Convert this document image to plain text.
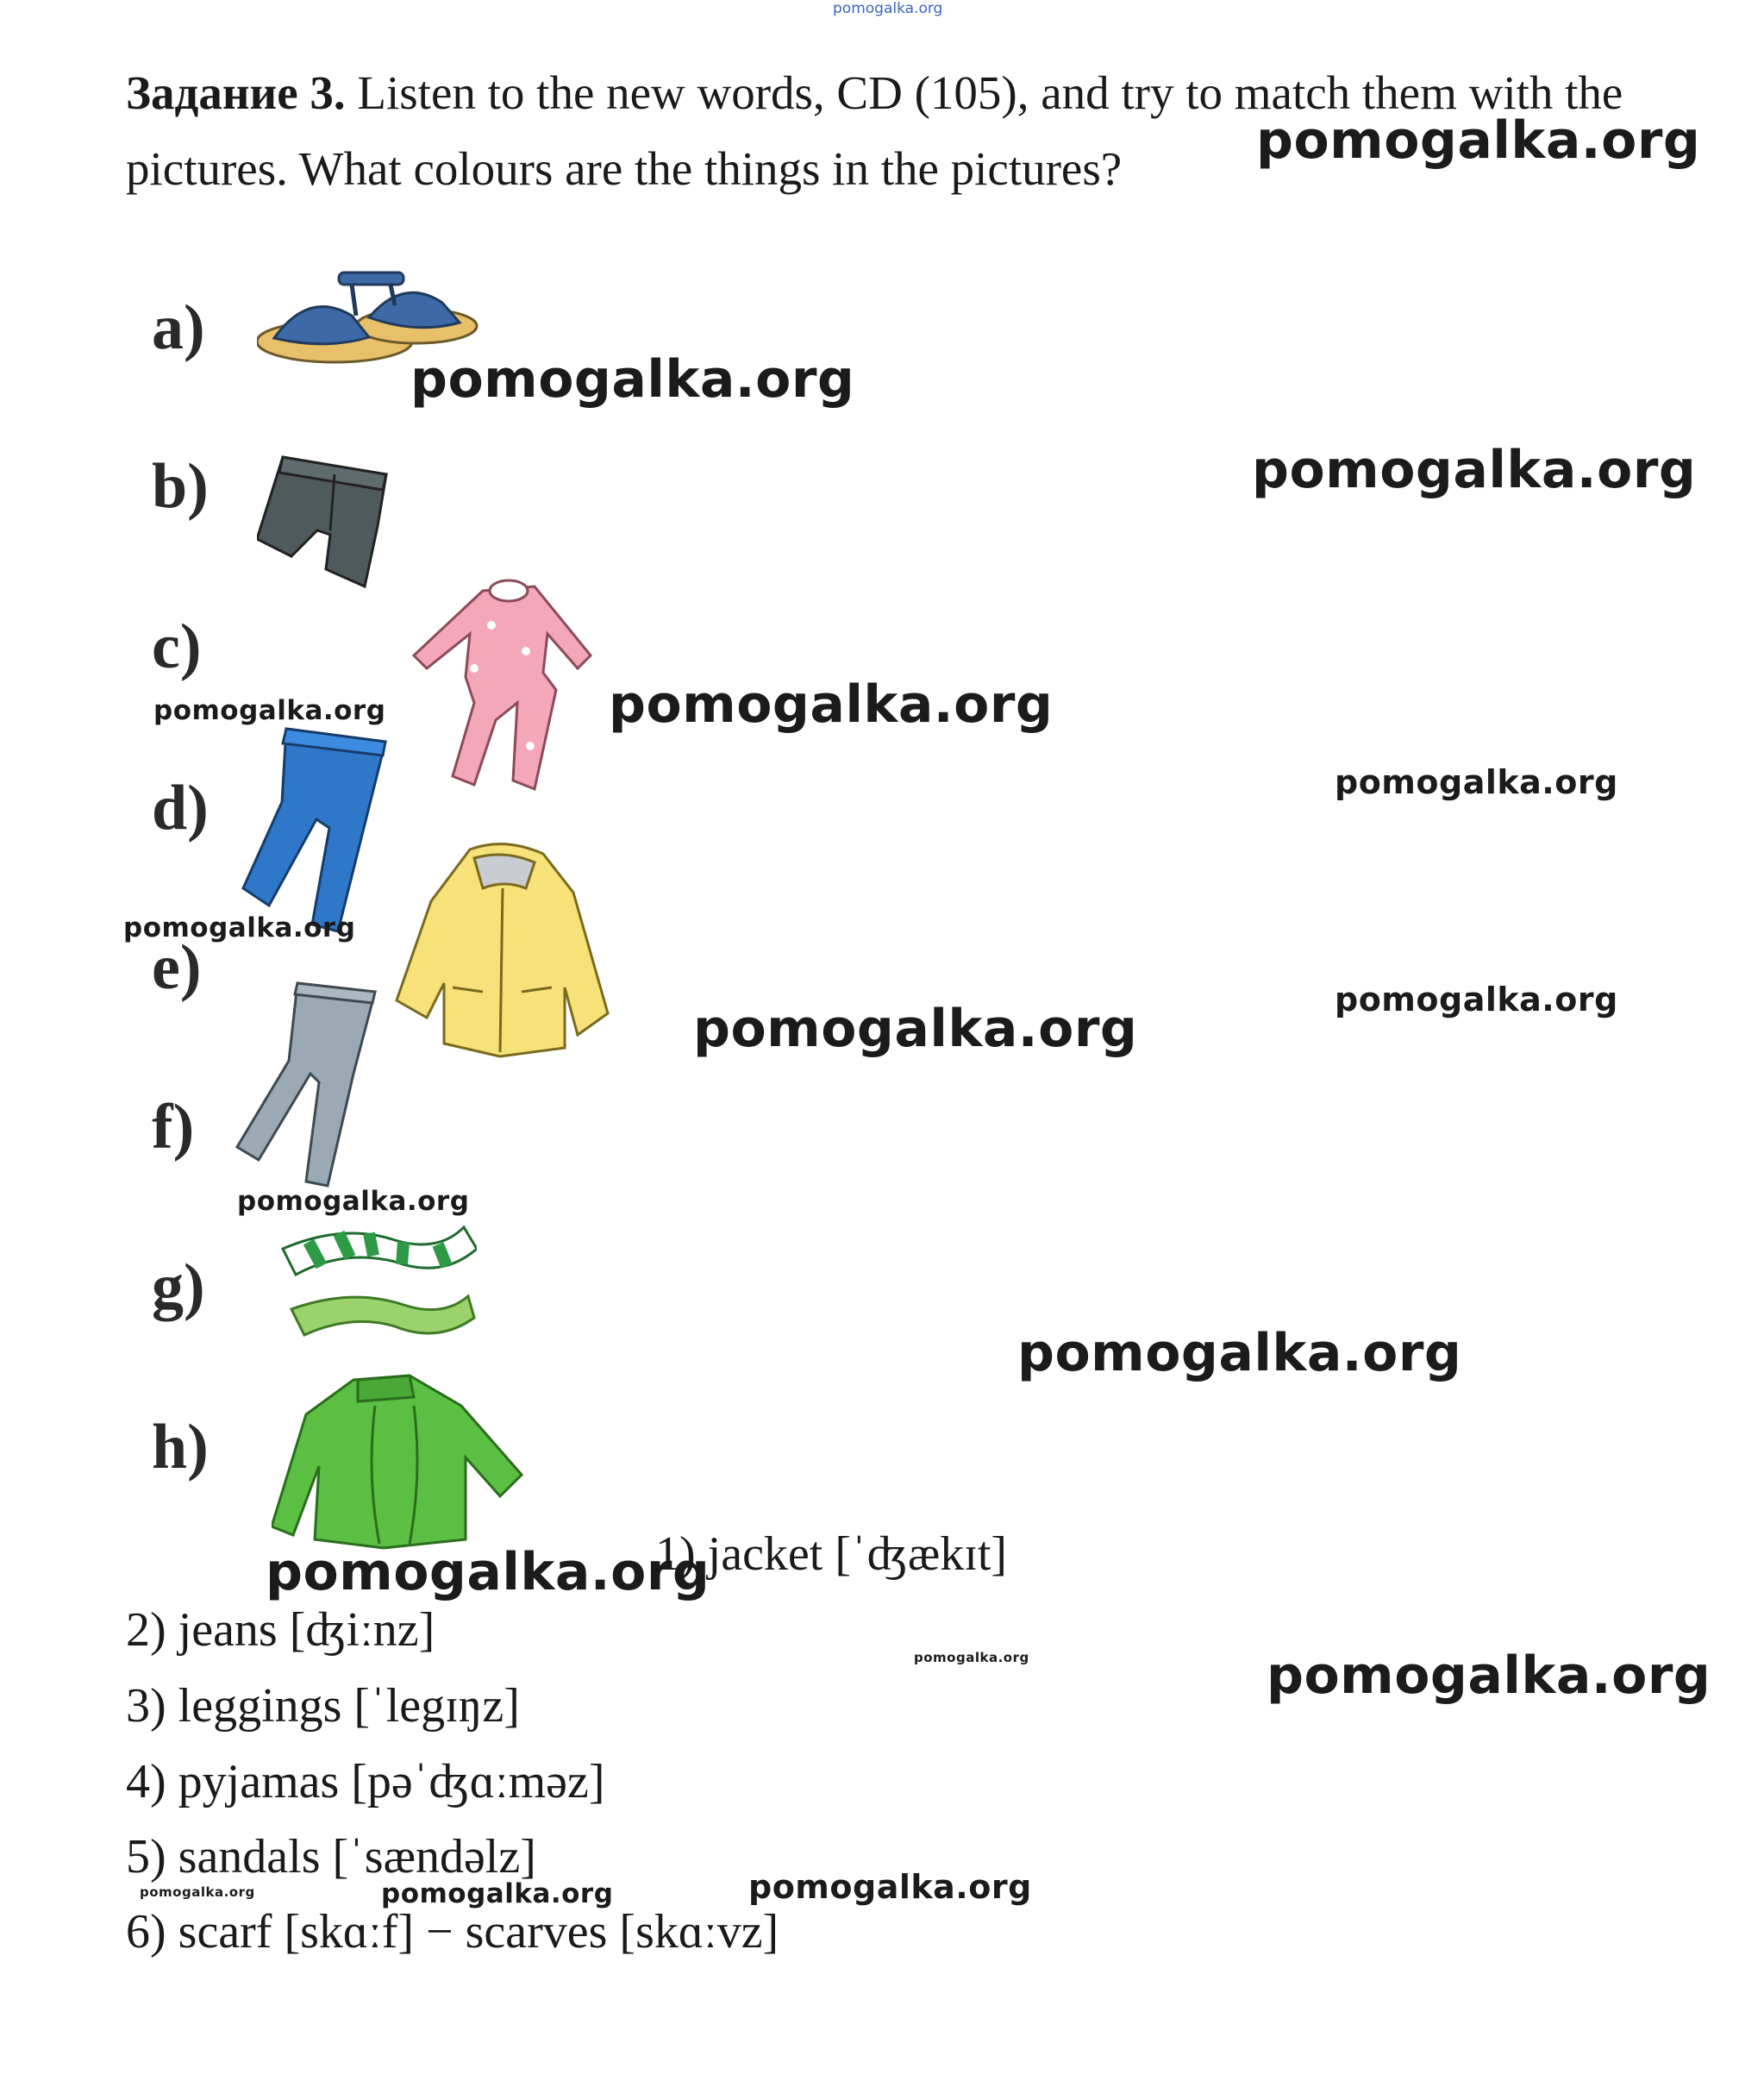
pomogalka.org
Задание 3. Listen to the new words, CD (105), and try to match them with the pictures. What colours are the things in the pictures?
a)
b)
c)
d)
e)
f)
g)
h)
1) jacket [ˈʤækɪt]
2) jeans [ʤiːnz]
3) leggings [ˈlegɪŋz]
4) pyjamas [pəˈʤɑːməz]
5) sandals [ˈsændəlz]
6) scarf [skɑːf] − scarves [skɑːvz]
pomogalka.org
pomogalka.org
pomogalka.org
pomogalka.org	pomogalka.org
pomogalka.org
pomogalka.org
pomogalka.org	pomogalka.org
pomogalka.org
pomogalka.org
pomogalka.org
pomogalka.org	pomogalka.org
pomogalka.org	pomogalka.org	pomogalka.org
